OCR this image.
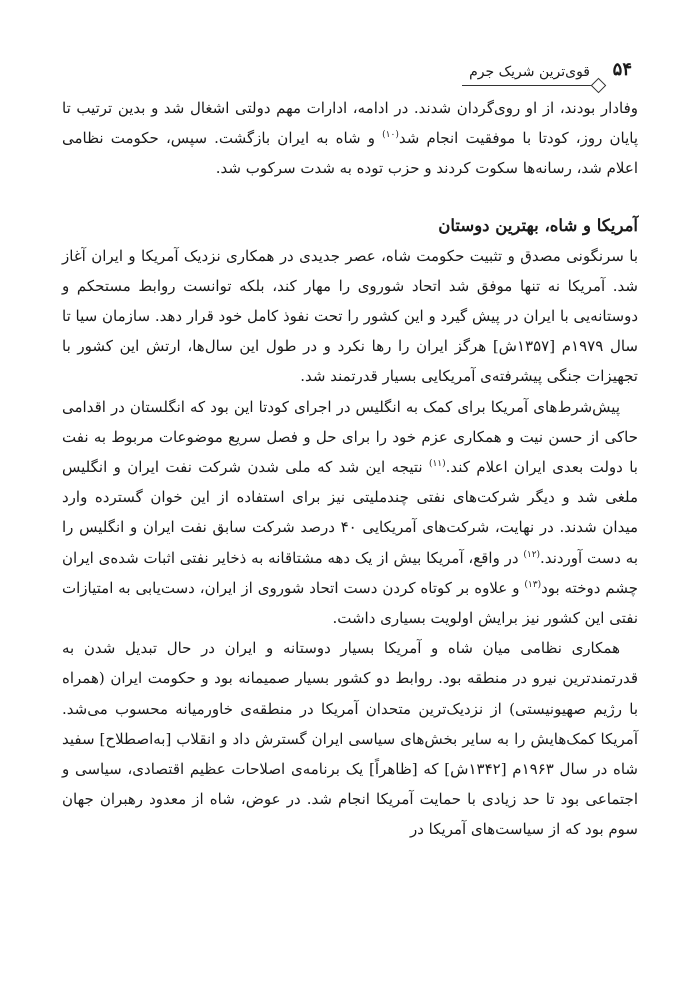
۵۴
قوی‌ترین شریک جرم

وفادار بودند، از او روی‌گردان شدند. در ادامه، ادارات مهم دولتی اشغال شد و بدین ترتیب تا پایان روز، کودتا با موفقیت انجام شد$^{(۱۰)}$ و شاه به ایران بازگشت. سپس، حکومت نظامی اعلام شد، رسانه‌ها سکوت کردند و حزب توده به شدت سرکوب شد.

آمریکا و شاه، بهترین دوستان

با سرنگونی مصدق و تثبیت حکومت شاه، عصر جدیدی در همکاری نزدیک آمریکا و ایران آغاز شد. آمریکا نه تنها موفق شد اتحاد شوروی را مهار کند، بلکه توانست روابط مستحکم و دوستانه‌یی با ایران در پیش گیرد و این کشور را تحت نفوذ کامل خود قرار دهد. سازمان سیا تا سال ۱۹۷۹م [۱۳۵۷ش] هرگز ایران را رها نکرد و در طول این سال‌ها، ارتش این کشور با تجهیزات جنگی پیشرفته‌ی آمریکایی بسیار قدرتمند شد.

پیش‌شرط‌های آمریکا برای کمک به انگلیس در اجرای کودتا این بود که انگلستان در اقدامی حاکی از حسن نیت و همکاری عزم خود را برای حل و فصل سریع موضوعات مربوط به نفت با دولت بعدی ایران اعلام کند.$^{(۱۱)}$ نتیجه این شد که ملی شدن شرکت نفت ایران و انگلیس ملغی شد و دیگر شرکت‌های نفتی چندملیتی نیز برای استفاده از این خوان گسترده وارد میدان شدند. در نهایت، شرکت‌های آمریکایی ۴۰ درصد شرکت سابق نفت ایران و انگلیس را به دست آوردند.$^{(۱۲)}$ در واقع، آمریکا بیش از یک دهه مشتاقانه به ذخایر نفتی اثبات شده‌ی ایران چشم دوخته بود$^{(۱۳)}$ و علاوه بر کوتاه کردن دست اتحاد شوروی از ایران، دست‌یابی به امتیازات نفتی این کشور نیز برایش اولویت بسیاری داشت.

همکاری نظامی میان شاه و آمریکا بسیار دوستانه و ایران در حال تبدیل شدن به قدرتمندترین نیرو در منطقه بود. روابط دو کشور بسیار صمیمانه بود و حکومت ایران (همراه با رژیم صهیونیستی) از نزدیک‌ترین متحدان آمریکا در منطقه‌ی خاورمیانه محسوب می‌شد. آمریکا کمک‌هایش را به سایر بخش‌های سیاسی ایران گسترش داد و انقلاب [به‌اصطلاح] سفید شاه در سال ۱۹۶۳م [۱۳۴۲ش] که [ظاهراً] یک برنامه‌ی اصلاحات عظیم اقتصادی، سیاسی و اجتماعی بود تا حد زیادی با حمایت آمریکا انجام شد. در عوض، شاه از معدود رهبران جهان سوم بود که از سیاست‌های آمریکا در
